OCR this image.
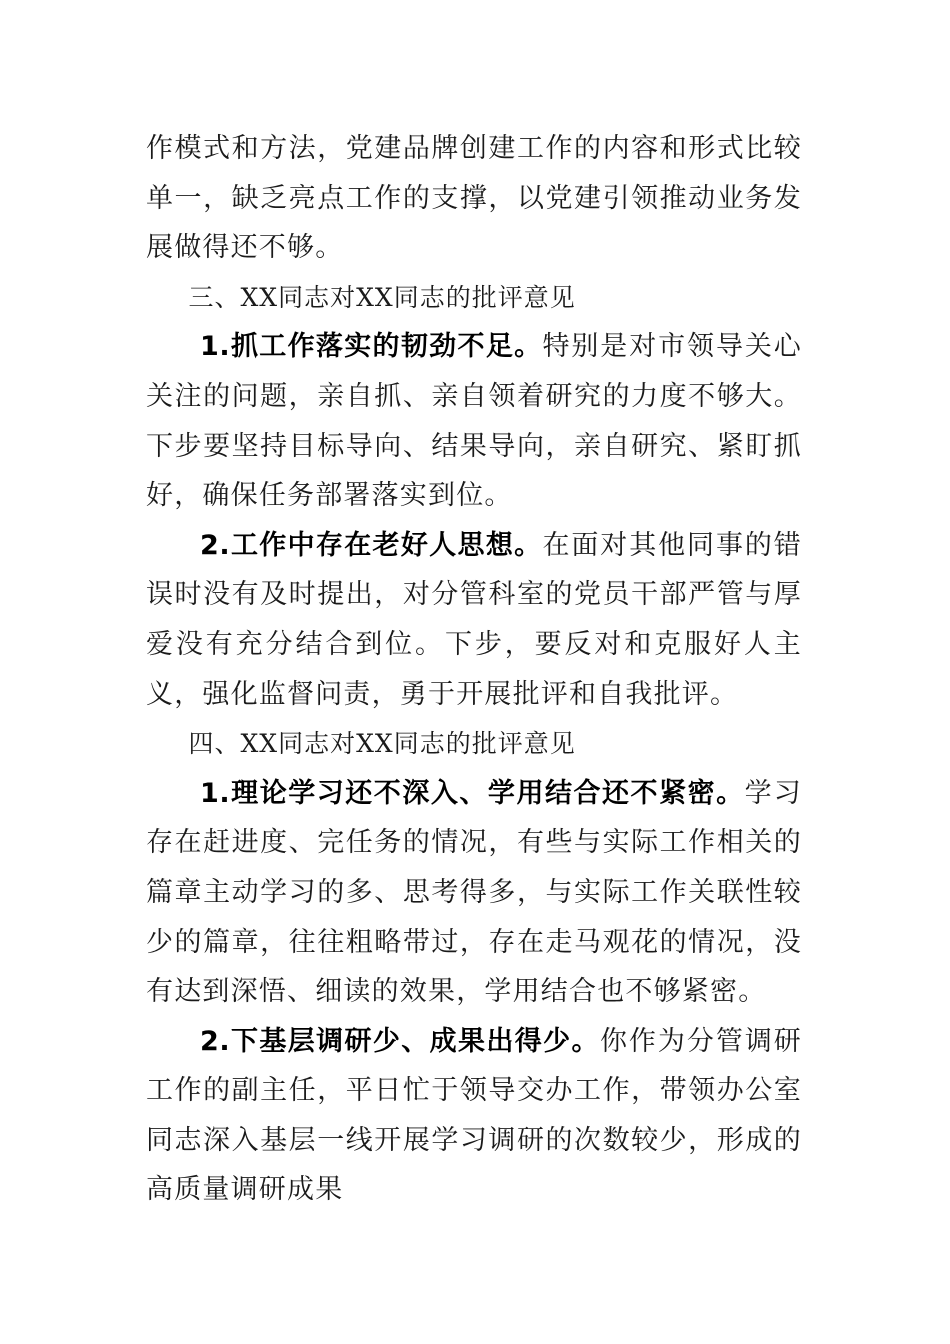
作模式和方法，党建品牌创建工作的内容和形式比较单一，缺乏亮点工作的支撑，以党建引领推动业务发展做得还不够。

三、XX同志对XX同志的批评意见

1.抓工作落实的韧劲不足。特别是对市领导关心关注的问题，亲自抓、亲自领着研究的力度不够大。下步要坚持目标导向、结果导向，亲自研究、紧盯抓好，确保任务部署落实到位。

2.工作中存在老好人思想。在面对其他同事的错误时没有及时提出，对分管科室的党员干部严管与厚爱没有充分结合到位。下步，要反对和克服好人主义，强化监督问责，勇于开展批评和自我批评。

四、XX同志对XX同志的批评意见

1.理论学习还不深入、学用结合还不紧密。学习存在赶进度、完任务的情况，有些与实际工作相关的篇章主动学习的多、思考得多，与实际工作关联性较少的篇章，往往粗略带过，存在走马观花的情况，没有达到深悟、细读的效果，学用结合也不够紧密。

2.下基层调研少、成果出得少。你作为分管调研工作的副主任，平日忙于领导交办工作，带领办公室同志深入基层一线开展学习调研的次数较少，形成的高质量调研成果
